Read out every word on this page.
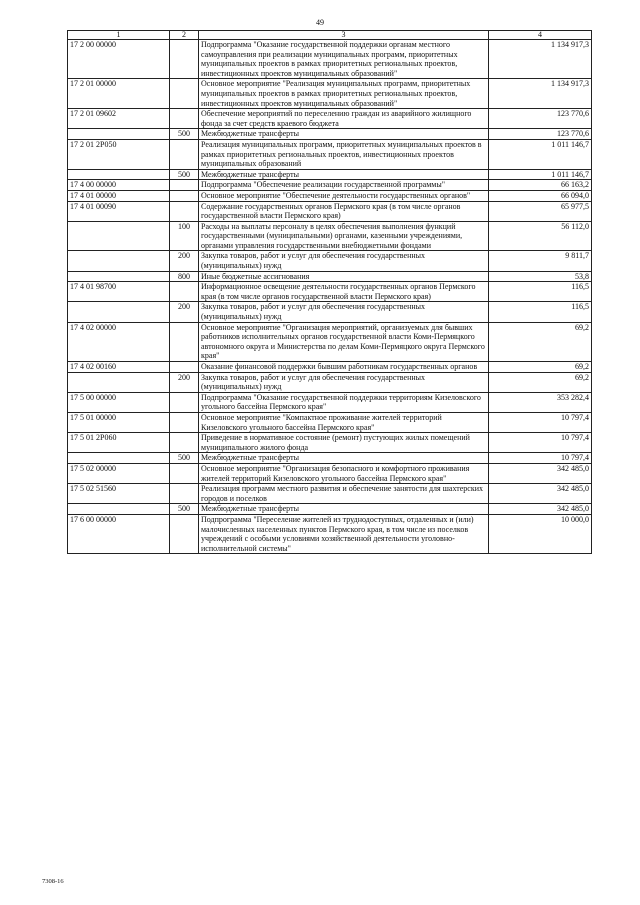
49
1	2	3	4
17 2 00 00000		Подпрограмма "Оказание государственной поддержки органам местного самоуправления при реализации муниципальных программ, приоритетных муниципальных проектов в рамках приоритетных региональных проектов, инвестиционных проектов муниципальных образований"	1 134 917,3
17 2 01 00000		Основное мероприятие "Реализация муниципальных программ, приоритетных муниципальных проектов в рамках приоритетных региональных проектов, инвестиционных проектов муниципальных образований"	1 134 917,3
17 2 01 09602		Обеспечение мероприятий по переселению граждан из аварийного жилищного фонда за счет средств краевого бюджета	123 770,6
	500	Межбюджетные трансферты	123 770,6
17 2 01 2Р050		Реализация муниципальных программ, приоритетных муниципальных проектов в рамках приоритетных региональных проектов, инвестиционных проектов муниципальных образований	1 011 146,7
	500	Межбюджетные трансферты	1 011 146,7
17 4 00 00000		Подпрограмма "Обеспечение реализации государственной программы"	66 163,2
17 4 01 00000		Основное мероприятие "Обеспечение деятельности государственных органов"	66 094,0
17 4 01 00090		Содержание государственных органов Пермского края (в том числе органов государственной власти Пермского края)	65 977,5
	100	Расходы на выплаты персоналу в целях обеспечения выполнения функций государственными (муниципальными) органами, казенными учреждениями, органами управления государственными внебюджетными фондами	56 112,0
	200	Закупка товаров, работ и услуг для обеспечения государственных (муниципальных) нужд	9 811,7
	800	Иные бюджетные ассигнования	53,8
17 4 01 98700		Информационное освещение деятельности государственных органов Пермского края (в том числе органов государственной власти Пермского края)	116,5
	200	Закупка товаров, работ и услуг для обеспечения государственных (муниципальных) нужд	116,5
17 4 02 00000		Основное мероприятие "Организация мероприятий, организуемых для бывших работников исполнительных органов государственной власти Коми-Пермяцкого автономного округа и Министерства по делам Коми-Пермяцкого округа Пермского края"	69,2
17 4 02 00160		Оказание финансовой поддержки бывшим работникам государственных органов	69,2
	200	Закупка товаров, работ и услуг для обеспечения государственных (муниципальных) нужд	69,2
17 5 00 00000		Подпрограмма "Оказание государственной поддержки территориям Кизеловского угольного бассейна Пермского края"	353 282,4
17 5 01 00000		Основное мероприятие "Компактное проживание жителей территорий Кизеловского угольного бассейна Пермского края"	10 797,4
17 5 01 2Р060		Приведение в нормативное состояние (ремонт) пустующих жилых помещений муниципального жилого фонда	10 797,4
	500	Межбюджетные трансферты	10 797,4
17 5 02 00000		Основное мероприятие "Организация безопасного и комфортного проживания жителей территорий Кизеловского угольного бассейна Пермского края"	342 485,0
17 5 02 51560		Реализация программ местного развития и обеспечение занятости для шахтерских городов и поселков	342 485,0
	500	Межбюджетные трансферты	342 485,0
17 6 00 00000		Подпрограмма "Переселение жителей из труднодоступных, отдаленных и (или) малочисленных населенных пунктов Пермского края, в том числе из поселков учреждений с особыми условиями хозяйственной деятельности уголовно-исполнительной системы"	10 000,0
7308-16
